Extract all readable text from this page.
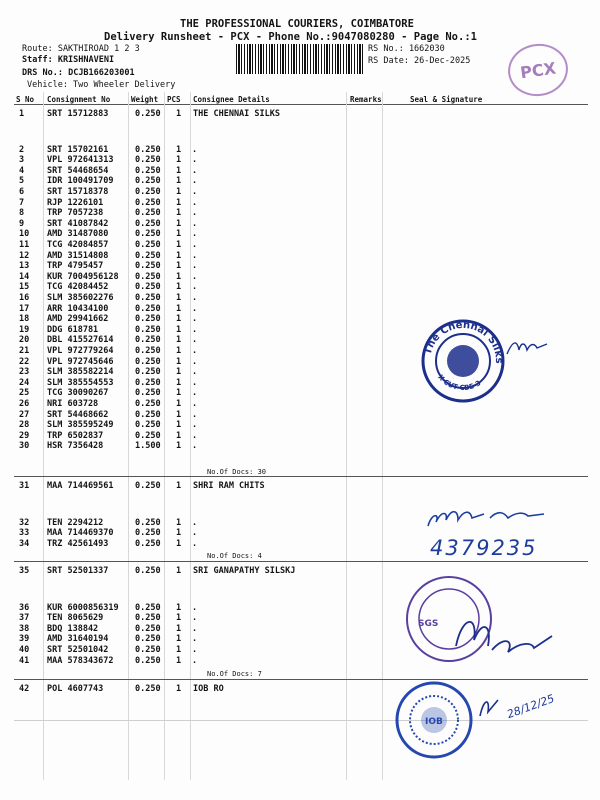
THE PROFESSIONAL COURIERS, COIMBATORE
Delivery Runsheet - PCX - Phone No.:9047080280 - Page No.:1
Route: SAKTHIROAD 1 2 3
Staff: KRISHNAVENI
DRS No.: DCJB166203001
Vehicle: Two Wheeler Delivery
RS No.: 1662030
RS Date: 26-Dec-2025	PCX
S No Consignment No	Weight PCS Consignee Details	Remarks	Seal & Signature
THE CHENNAI SILKS
1	SRT 15712883	0.250 1
2	SRT 15702161	0.250 1 .
3	VPL 972641313	0.250 1 .
4	SRT 54468654	0.250 1 .
5	IDR 100491709	0.250 1 .
6	SRT 15718378	0.250 1 .
7	RJP 1226101	0.250 1 .
8	TRP 7057238	0.250 1 .
9	SRT 41087842	0.250 1 .
10 AMD 31487080	0.250 1 .
11 TCG 42084857	0.250 1 .
12 AMD 31514808	0.250 1 .
13 TRP 4795457	0.250 1 .
14 KUR 7004956128 0.250 1 .
15 TCG 42084452	0.250 1 .
16 SLM 385602276	0.250 1 .
17 ARR 10434100	0.250 1 .
18 AMD 29941662	0.250 1 .
19 DDG 618781	0.250 1 .
20 DBL 415527614	0.250 1 .
21 VPL 972779264	0.250 1 .
22 VPL 972745646	0.250 1 .
23 SLM 385582214	0.250 1 .
24 SLM 385554553	0.250 1 .
25 TCG 30090267	0.250 1 .
26 NRI 603728	0.250 1 .
27 SRT 54468662	0.250 1 .
28 SLM 385595249	0.250 1 .
29 TRP 6502837	0.250 1 .
30 HSR 7356428	1.500 1 .
No.Of Docs: 30
SHRI RAM CHITS
31 MAA 714469561	0.250 1
32 TEN 2294212	0.250 1 .
33 MAA 714469370	0.250 1 .
34 TRZ 42561493	0.250 1 .
No.Of Docs: 4
SRI GANAPATHY SILSKJ
35 SRT 52501337	0.250 1
36 KUR 6000856319 0.250 1 .
37 TEN 8065629	0.250 1 .
38 BDQ 138842	0.250 1 .
39 AMD 31640194	0.250 1 .
40 SRT 52501042	0.250 1 .
41 MAA 578343672	0.250 1 .
No.Of Docs: 7
IOB RO
42 POL 4607743	0.250 1
The Chennai Silks
X-CUT CBE-3
4379235
SGS
IOB
28/12/25
